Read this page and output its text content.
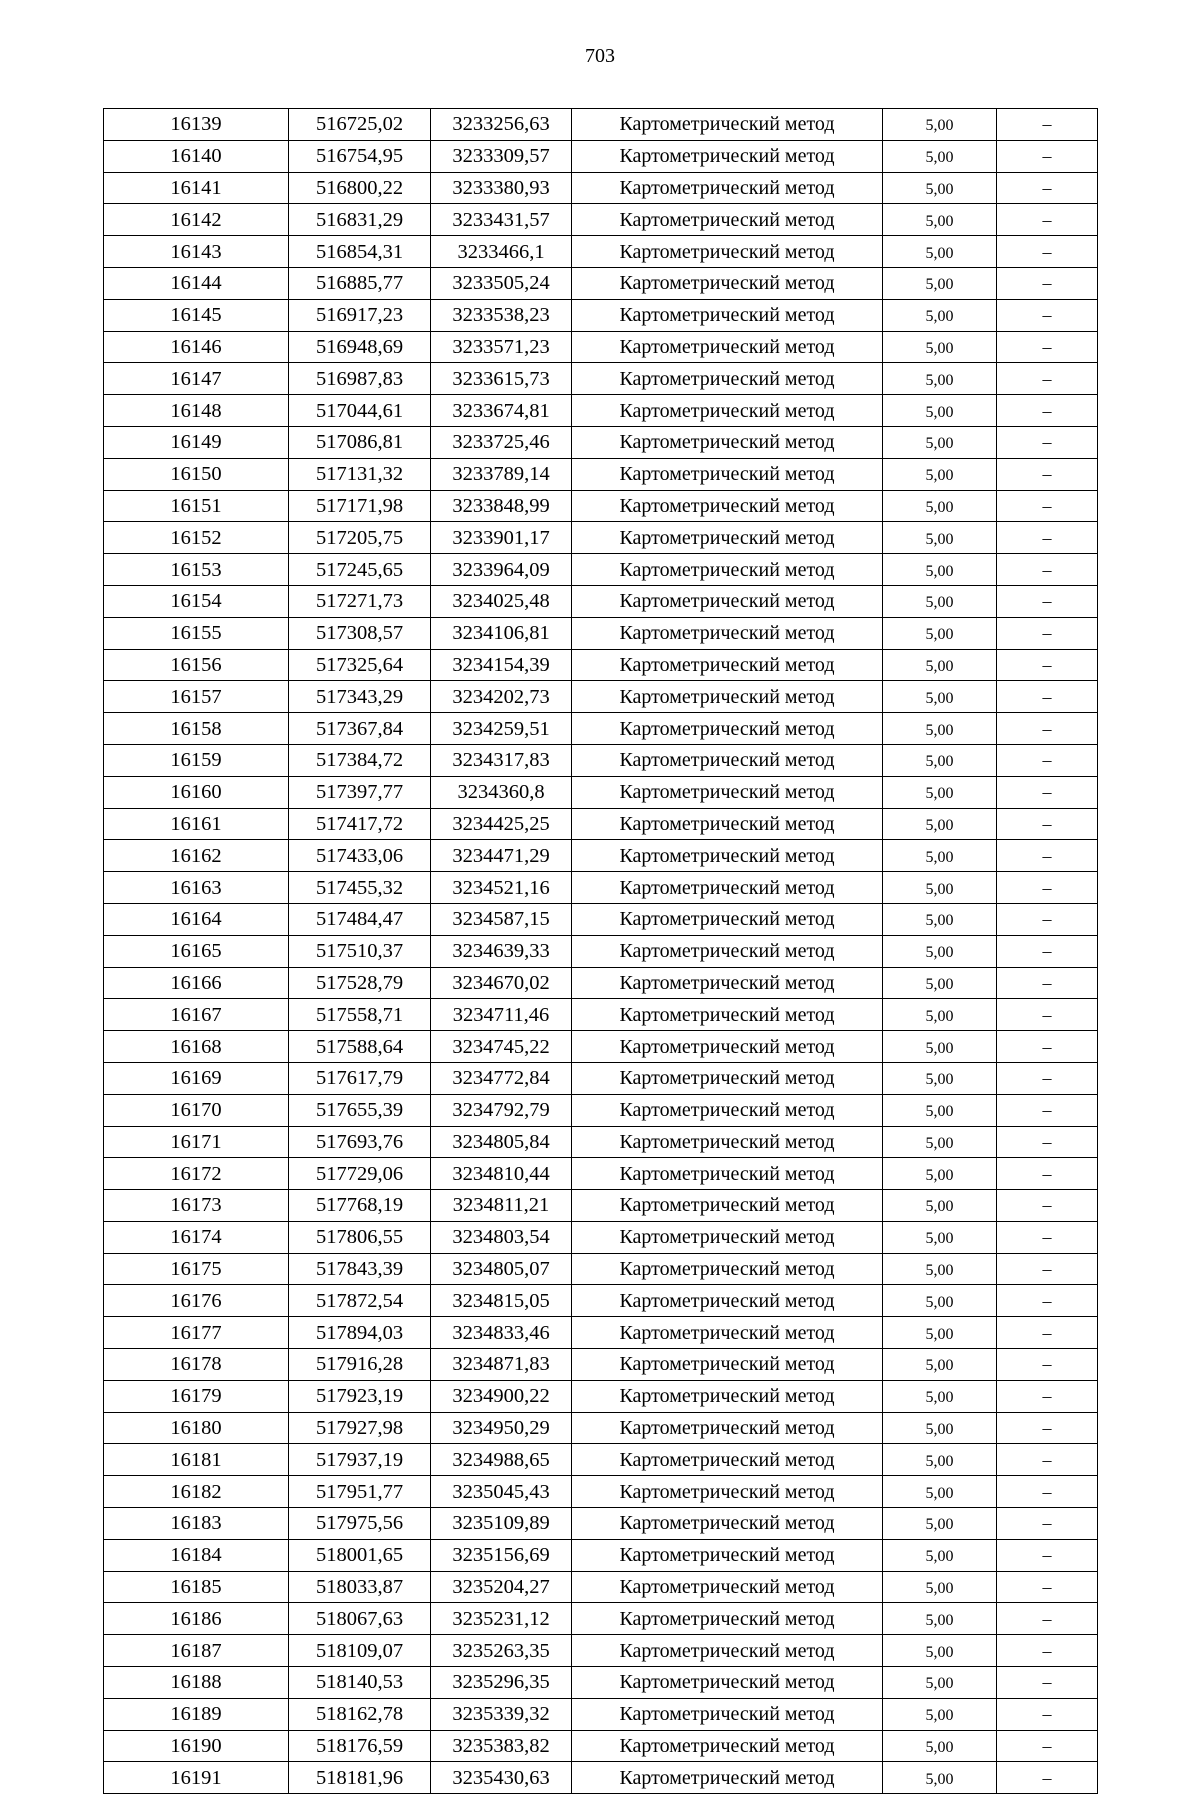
703
16139	516725,02	3233256,63	Картометрический метод	5,00	–
16140	516754,95	3233309,57	Картометрический метод	5,00	–
16141	516800,22	3233380,93	Картометрический метод	5,00	–
16142	516831,29	3233431,57	Картометрический метод	5,00	–
16143	516854,31	3233466,1	Картометрический метод	5,00	–
16144	516885,77	3233505,24	Картометрический метод	5,00	–
16145	516917,23	3233538,23	Картометрический метод	5,00	–
16146	516948,69	3233571,23	Картометрический метод	5,00	–
16147	516987,83	3233615,73	Картометрический метод	5,00	–
16148	517044,61	3233674,81	Картометрический метод	5,00	–
16149	517086,81	3233725,46	Картометрический метод	5,00	–
16150	517131,32	3233789,14	Картометрический метод	5,00	–
16151	517171,98	3233848,99	Картометрический метод	5,00	–
16152	517205,75	3233901,17	Картометрический метод	5,00	–
16153	517245,65	3233964,09	Картометрический метод	5,00	–
16154	517271,73	3234025,48	Картометрический метод	5,00	–
16155	517308,57	3234106,81	Картометрический метод	5,00	–
16156	517325,64	3234154,39	Картометрический метод	5,00	–
16157	517343,29	3234202,73	Картометрический метод	5,00	–
16158	517367,84	3234259,51	Картометрический метод	5,00	–
16159	517384,72	3234317,83	Картометрический метод	5,00	–
16160	517397,77	3234360,8	Картометрический метод	5,00	–
16161	517417,72	3234425,25	Картометрический метод	5,00	–
16162	517433,06	3234471,29	Картометрический метод	5,00	–
16163	517455,32	3234521,16	Картометрический метод	5,00	–
16164	517484,47	3234587,15	Картометрический метод	5,00	–
16165	517510,37	3234639,33	Картометрический метод	5,00	–
16166	517528,79	3234670,02	Картометрический метод	5,00	–
16167	517558,71	3234711,46	Картометрический метод	5,00	–
16168	517588,64	3234745,22	Картометрический метод	5,00	–
16169	517617,79	3234772,84	Картометрический метод	5,00	–
16170	517655,39	3234792,79	Картометрический метод	5,00	–
16171	517693,76	3234805,84	Картометрический метод	5,00	–
16172	517729,06	3234810,44	Картометрический метод	5,00	–
16173	517768,19	3234811,21	Картометрический метод	5,00	–
16174	517806,55	3234803,54	Картометрический метод	5,00	–
16175	517843,39	3234805,07	Картометрический метод	5,00	–
16176	517872,54	3234815,05	Картометрический метод	5,00	–
16177	517894,03	3234833,46	Картометрический метод	5,00	–
16178	517916,28	3234871,83	Картометрический метод	5,00	–
16179	517923,19	3234900,22	Картометрический метод	5,00	–
16180	517927,98	3234950,29	Картометрический метод	5,00	–
16181	517937,19	3234988,65	Картометрический метод	5,00	–
16182	517951,77	3235045,43	Картометрический метод	5,00	–
16183	517975,56	3235109,89	Картометрический метод	5,00	–
16184	518001,65	3235156,69	Картометрический метод	5,00	–
16185	518033,87	3235204,27	Картометрический метод	5,00	–
16186	518067,63	3235231,12	Картометрический метод	5,00	–
16187	518109,07	3235263,35	Картометрический метод	5,00	–
16188	518140,53	3235296,35	Картометрический метод	5,00	–
16189	518162,78	3235339,32	Картометрический метод	5,00	–
16190	518176,59	3235383,82	Картометрический метод	5,00	–
16191	518181,96	3235430,63	Картометрический метод	5,00	–
